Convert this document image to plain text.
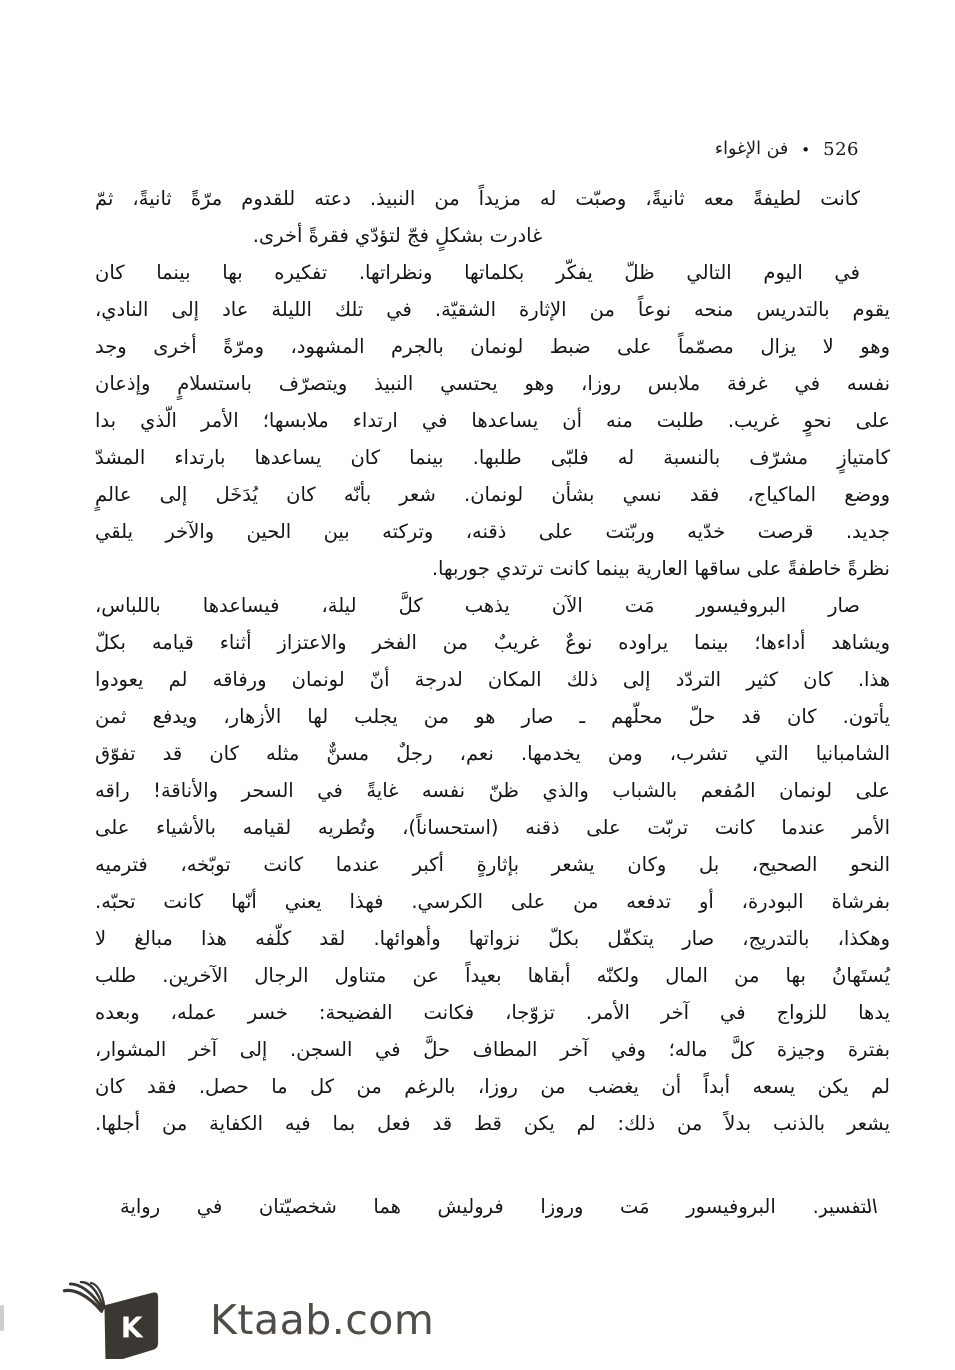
فن الإغواء • 526
كانت لطيفةً معه ثانيةً، وصبّت له مزيداً من النبيذ. دعته للقدوم مرّةً ثانيةً، ثمّ
غادرت بشكلٍ فجّ لتؤدّي فقرةً أخرى.
في اليوم التالي ظلّ يفكّر بكلماتها ونظراتها. تفكيره بها بينما كان
يقوم بالتدريس منحه نوعاً من الإثارة الشقيّة. في تلك الليلة عاد إلى النادي،
وهو لا يزال مصمّماً على ضبط لونمان بالجرم المشهود، ومرّةً أخرى وجد
نفسه في غرفة ملابس روزا، وهو يحتسي النبيذ ويتصرّف باستسلامٍ وإذعان
على نحوٍ غريب. طلبت منه أن يساعدها في ارتداء ملابسها؛ الأمر الّذي بدا
كامتيازٍ مشرّف بالنسبة له فلبّى طلبها. بينما كان يساعدها بارتداء المشدّ
ووضع الماكياج، فقد نسي بشأن لونمان. شعر بأنّه كان يُدَخَل إلى عالمٍ
جديد. قرصت خدّيه وربّتت على ذقنه، وتركته بين الحين والآخر يلقي
نظرةً خاطفةً على ساقها العارية بينما كانت ترتدي جوربها.
صار البروفيسور مَت الآن يذهب كلَّ ليلة، فيساعدها باللباس،
ويشاهد أداءها؛ بينما يراوده نوعٌ غريبٌ من الفخر والاعتزاز أثناء قيامه بكلّ
هذا. كان كثير التردّد إلى ذلك المكان لدرجة أنّ لونمان ورفاقه لم يعودوا
يأتون. كان قد حلّ محلّهم ـ صار هو من يجلب لها الأزهار، ويدفع ثمن
الشامبانيا التي تشرب، ومن يخدمها. نعم، رجلٌ مسنٌّ مثله كان قد تفوّق
على لونمان المُفعم بالشباب والذي ظنّ نفسه غايةً في السحر والأناقة! راقه
الأمر عندما كانت تربّت على ذقنه (استحساناً)، وتُطريه لقيامه بالأشياء على
النحو الصحيح، بل وكان يشعر بإثارةٍ أكبر عندما كانت توبّخه، فترميه
بفرشاة البودرة، أو تدفعه من على الكرسي. فهذا يعني أنّها كانت تحبّه.
وهكذا، بالتدريج، صار يتكفّل بكلّ نزواتها وأهوائها. لقد كلّفه هذا مبالغ لا
يُستَهانُ بها من المال ولكنّه أبقاها بعيداً عن متناول الرجال الآخرين. طلب
يدها للزواج في آخر الأمر. تزوّجا، فكانت الفضيحة: خسر عمله، وبعده
بفترة وجيزة كلَّ ماله؛ وفي آخر المطاف حلَّ في السجن. إلى آخر المشوار،
لم يكن يسعه أبداً أن يغضب من روزا، بالرغم من كل ما حصل. فقد كان
يشعر بالذنب بدلاً من ذلك: لم يكن قط قد فعل بما فيه الكفاية من أجلها.

التفسير. البروفيسور مَت وروزا فروليش هما شخصيّتان في رواية

K Ktaab.com
